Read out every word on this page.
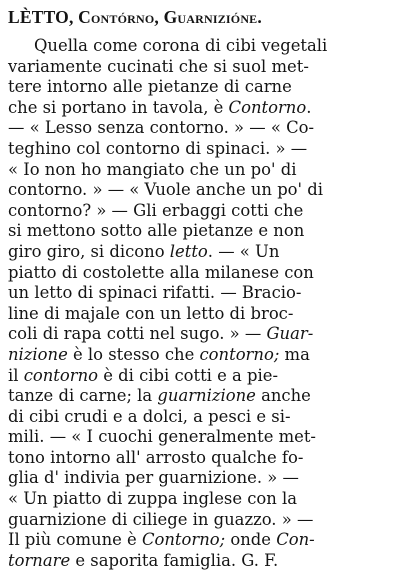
LÈTTO, Contórno, Guarnizióne.
Quella come corona di cibi vegetali
variamente cucinati che si suol met-
tere intorno alle pietanze di carne
che si portano in tavola, è Contorno.
— « Lesso senza contorno. » — « Co-
teghino col contorno di spinaci. » —
« Io non ho mangiato che un po' di
contorno. » — « Vuole anche un po' di
contorno? » — Gli erbaggi cotti che
si mettono sotto alle pietanze e non
giro giro, si dicono letto. — « Un
piatto di costolette alla milanese con
un letto di spinaci rifatti. — Bracio-
line di majale con un letto di broc-
coli di rapa cotti nel sugo. » — Guar-
nizione è lo stesso che contorno; ma
il contorno è di cibi cotti e a pie-
tanze di carne; la guarnizione anche
di cibi crudi e a dolci, a pesci e si-
mili. — « I cuochi generalmente met-
tono intorno all' arrosto qualche fo-
glia d' indivia per guarnizione. » —
« Un piatto di zuppa inglese con la
guarnizione di ciliege in guazzo. » —
Il più comune è Contorno; onde Con-
tornare e saporita famiglia. G. F.
